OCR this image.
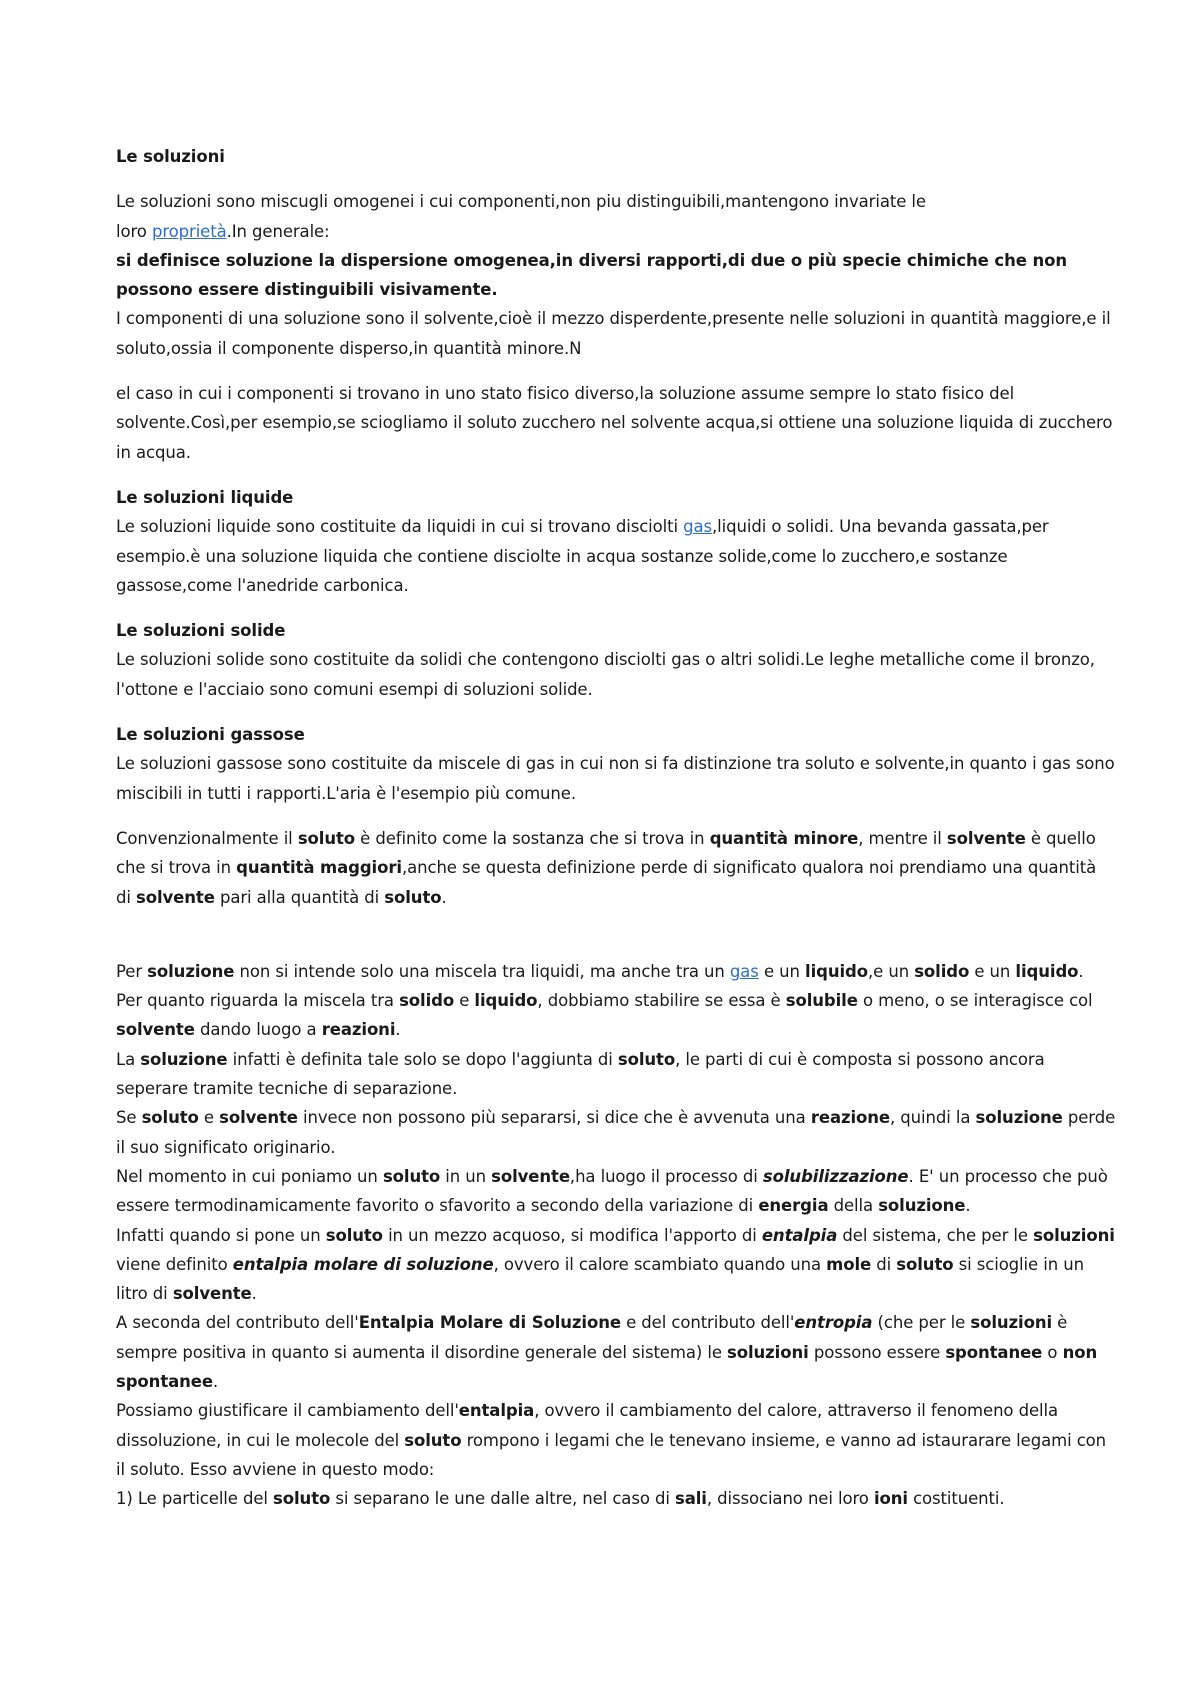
Le soluzioni

Le soluzioni sono miscugli omogenei i cui componenti,non piu distinguibili,mantengono invariate le
loro proprietà.In generale:

si definisce soluzione la dispersione omogenea,in diversi rapporti,di due o più specie chimiche che non possono essere distinguibili visivamente.

I componenti di una soluzione sono il solvente,cioè il mezzo disperdente,presente nelle soluzioni in quantità maggiore,e il soluto,ossia il componente disperso,in quantità minore.N

el caso in cui i componenti si trovano in uno stato fisico diverso,la soluzione assume sempre lo stato fisico del solvente.Così,per esempio,se sciogliamo il soluto zucchero nel solvente acqua,si ottiene una soluzione liquida di zucchero in acqua.

Le soluzioni liquide

Le soluzioni liquide sono costituite da liquidi in cui si trovano disciolti gas,liquidi o solidi. Una bevanda gassata,per esempio.è una soluzione liquida che contiene disciolte in acqua sostanze solide,come lo zucchero,e sostanze gassose,come l'anedride carbonica.

Le soluzioni solide

Le soluzioni solide sono costituite da solidi che contengono disciolti gas o altri solidi.Le leghe metalliche come il bronzo, l'ottone e l'acciaio sono comuni esempi di soluzioni solide.

Le soluzioni gassose

Le soluzioni gassose sono costituite da miscele di gas in cui non si fa distinzione tra soluto e solvente,in quanto i gas sono miscibili in tutti i rapporti.L'aria è l'esempio più comune.

Convenzionalmente il soluto è definito come la sostanza che si trova in quantità minore, mentre il solvente è quello che si trova in quantità maggiori,anche se questa definizione perde di significato qualora noi prendiamo una quantità di solvente pari alla quantità di soluto.

Per soluzione non si intende solo una miscela tra liquidi, ma anche tra un gas e un liquido,e un solido e un liquido.

Per quanto riguarda la miscela tra solido e liquido, dobbiamo stabilire se essa è solubile o meno, o se interagisce col solvente dando luogo a reazioni.

La soluzione infatti è definita tale solo se dopo l'aggiunta di soluto, le parti di cui è composta si possono ancora seperare tramite tecniche di separazione.

Se soluto e solvente invece non possono più separarsi, si dice che è avvenuta una reazione, quindi la soluzione perde il suo significato originario.

Nel momento in cui poniamo un soluto in un solvente,ha luogo il processo di solubilizzazione. E' un processo che può essere termodinamicamente favorito o sfavorito a secondo della variazione di energia della soluzione.

Infatti quando si pone un soluto in un mezzo acquoso, si modifica l'apporto di entalpia del sistema, che per le soluzioni viene definito entalpia molare di soluzione, ovvero il calore scambiato quando una mole di soluto si scioglie in un litro di solvente.

A seconda del contributo dell'Entalpia Molare di Soluzione e del contributo dell'entropia (che per le soluzioni è sempre positiva in quanto si aumenta il disordine generale del sistema) le soluzioni possono essere spontanee o non spontanee.

Possiamo giustificare il cambiamento dell'entalpia, ovvero il cambiamento del calore, attraverso il fenomeno della dissoluzione, in cui le molecole del soluto rompono i legami che le tenevano insieme, e vanno ad istaurarare legami con il soluto. Esso avviene in questo modo:

1) Le particelle del soluto si separano le une dalle altre, nel caso di sali, dissociano nei loro ioni costituenti.
